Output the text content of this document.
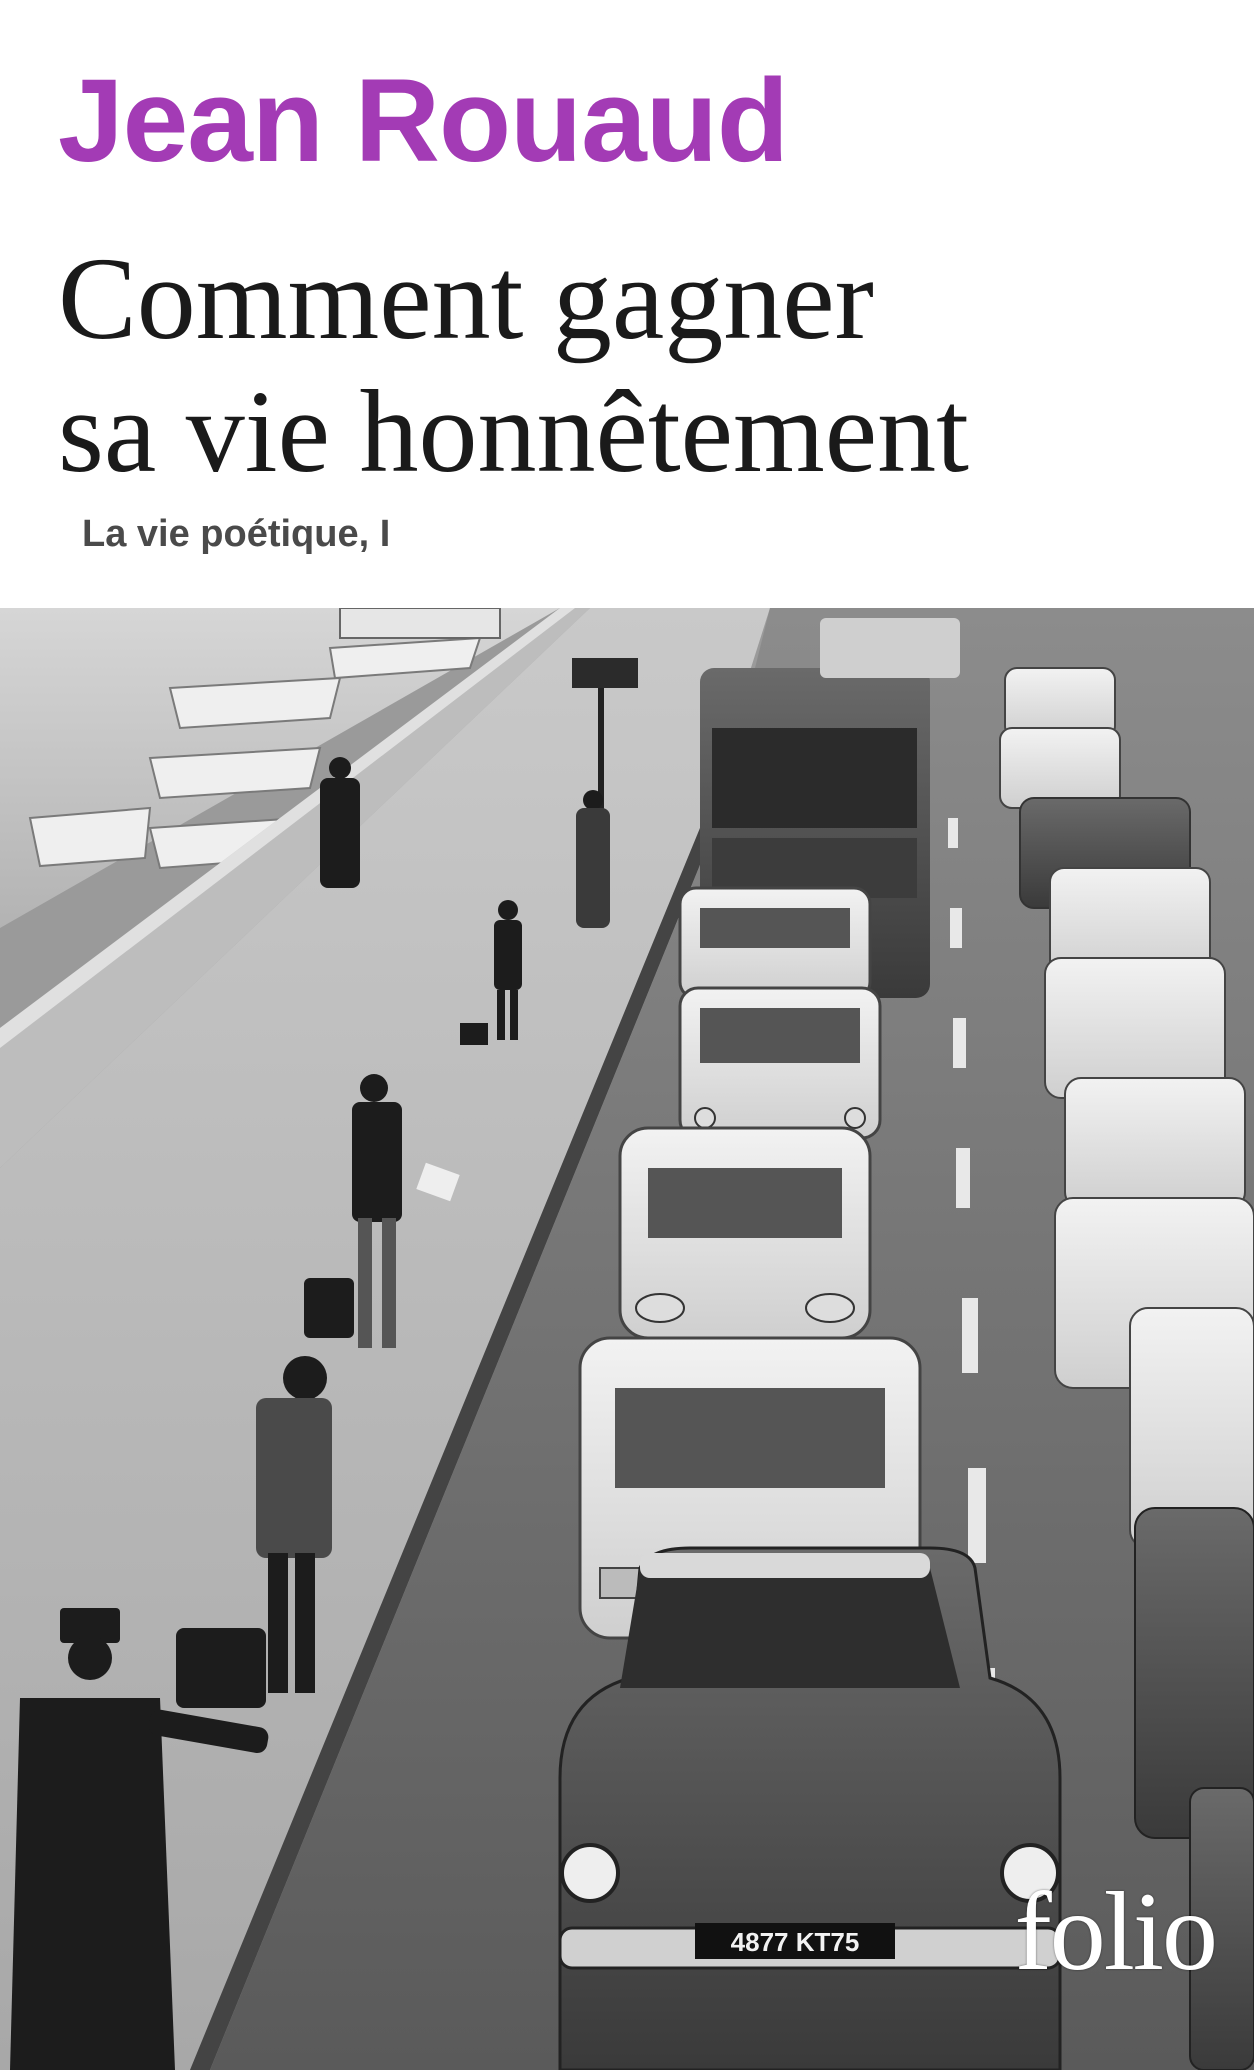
Jean Rouaud
Comment gagner
sa vie honnêtement
La vie poétique, I
4877 KT75 folio
